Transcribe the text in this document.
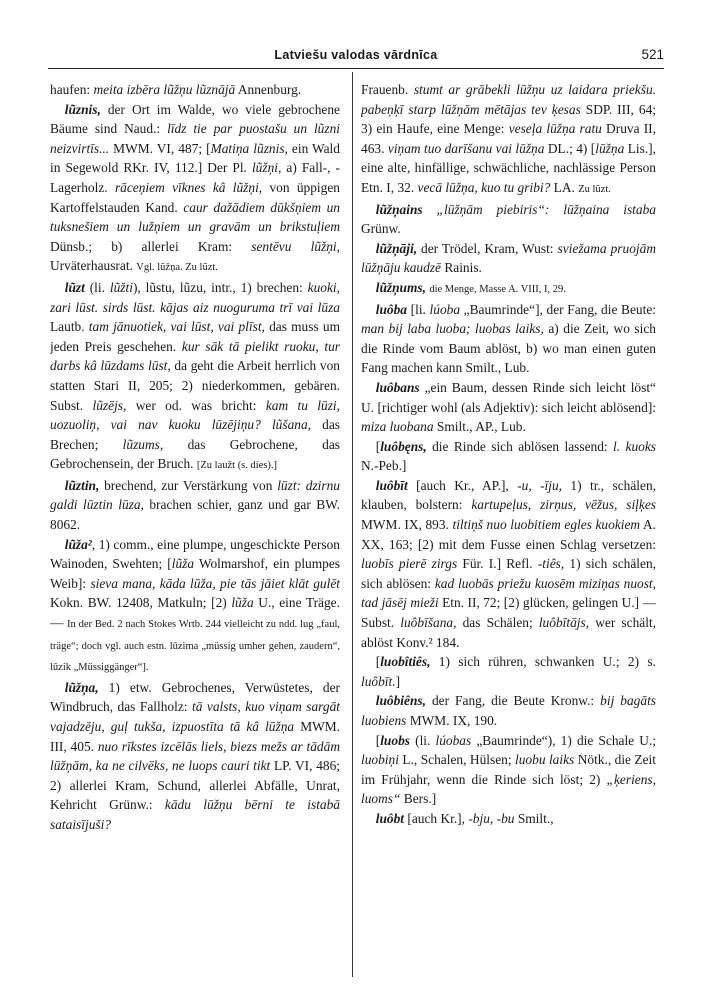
Latviešu valodas vārdnīca	521

haufen: meita izbēra lũžņu lũznājā Annenburg.

lũznis, der Ort im Walde, wo viele gebrochene Bäume sind Naud.: līdz tie par puostašu un lũzni neizvirtīs... MWM. VI, 487; [Matiņa lũznis, ein Wald in Segewold RKr. IV, 112.] Der Pl. lũžņi, a) Fall-, -Lagerholz. rāceņiem vīknes kâ lũžņi, von üppigen Kartoffelstauden Kand. caur dažādiem dūkšņiem un tuksnešiem un lužņiem un gravām un brikstuļiem Dünsb.; b) allerlei Kram: sentēvu lũžņi, Urväterhausrat. Vgl. lũžņa. Zu lũzt.

lũzt (li. lũžti), lũstu, lũzu, intr., 1) brechen: kuoki, zari lūst. sirds lūst. kājas aiz nuoguruma trī vai lūza Lautb. tam jānuotiek, vai lūst, vai plīst, das muss um jeden Preis geschehen. kur sāk tā pielikt ruoku, tur darbs kâ lūzdams lūst, da geht die Arbeit herrlich von statten Stari II, 205; 2) niederkommen, gebären. Subst. lũzējs, wer od. was bricht: kam tu lūzi, uozuoliņ, vai nav kuoku lūzējiņu? lũšana, das Brechen; lũzums, das Gebrochene, das Gebrochensein, der Bruch. [Zu laužt (s. dies).]

lũztin, brechend, zur Verstärkung von lūzt: dzirnu galdi lūztin lūza, brachen schier, ganz und gar BW. 8062.

lũža², 1) comm., eine plumpe, ungeschickte Person Wainoden, Swehten; [lũža Wolmarshof, ein plumpes Weib]: sieva mana, kāda lūža, pie tās jāiet klāt gulēt Kokn. BW. 12408, Matkuln; [2) lũža U., eine Träge. — In der Bed. 2 nach Stokes Wrtb. 244 vielleicht zu ndd. lug „faul, träge“; doch vgl. auch estn. lūzima „müssig umher gehen, zaudern“, lūzik „Müssiggänger“].

lũžņa, 1) etw. Gebrochenes, Verwüstetes, der Windbruch, das Fallholz: tā valsts, kuo viņam sargāt vajadzēju, guļ tukša, izpuostīta tā kâ lūžņa MWM. III, 405. nuo rīkstes izcēlās liels, biezs mežs ar tādām lūžņām, ka ne cilvēks, ne luops cauri tikt LP. VI, 486; 2) allerlei Kram, Schund, allerlei Abfälle, Unrat, Kehricht Grünw.: kādu lūžņu bērni te istabā sataisījuši?

Frauenb. stumt ar grābekli lūžņu uz laidara priekšu. pabeņķī starp lūžņām mētājas tev ķesas SDP. III, 64; 3) ein Haufe, eine Menge: veseļa lūžņa ratu Druva II, 463. viņam tuo darīšanu vai lūžņa DL.; 4) [lūžņa Lis.], eine alte, hinfällige, schwächliche, nachlässige Person Etn. I, 32. vecā lūžņa, kuo tu gribi? LA. Zu lũzt.

lũžņains „lūžņām piebiris“: lūžņaina istaba Grünw.

lũžņāji, der Trödel, Kram, Wust: sviežama pruojām lūžņāju kaudzē Rainis.

lũžņums, die Menge, Masse A. VIII, I, 29.

luôba [li. lúoba „Baumrinde“], der Fang, die Beute: man bij laba luoba; luobas laiks, a) die Zeit, wo sich die Rinde vom Baum ablöst, b) wo man einen guten Fang machen kann Smilt., Lub.

luôbans „ein Baum, dessen Rinde sich leicht löst“ U. [richtiger wohl (als Adjektiv): sich leicht ablösend]: miza luobana Smilt., AP., Lub.

[luôbęns, die Rinde sich ablösen lassend: l. kuoks N.-Peb.]

luôbīt [auch Kr., AP.], -u, -īju, 1) tr., schälen, klauben, bolstern: kartupeļus, zirņus, vēžus, siļķes MWM. IX, 893. tiltiņš nuo luobitiem egles kuokiem A. XX, 163; [2) mit dem Fusse einen Schlag versetzen: luobīs pierē zirgs Für. I.] Refl. -tiês, 1) sich schälen, sich ablösen: kad luobās priežu kuosēm miziņas nuost, tad jāsēj mieži Etn. II, 72; [2) glücken, gelingen U.] — Subst. luôbīšana, das Schälen; luôbītājs, wer schält, ablöst Konv.² 184.

[luobîtiês, 1) sich rühren, schwanken U.; 2) s. luôbīt.]

luôbiêns, der Fang, die Beute Kronw.: bij bagāts luobiens MWM. IX, 190.

[luobs (li. lúobas „Baumrinde“), 1) die Schale U.; luobiņi L., Schalen, Hülsen; luobu laiks Nötk., die Zeit im Frühjahr, wenn die Rinde sich löst; 2) „ķeriens, luoms“ Bers.]

luôbt [auch Kr.], -bju, -bu Smilt.,
